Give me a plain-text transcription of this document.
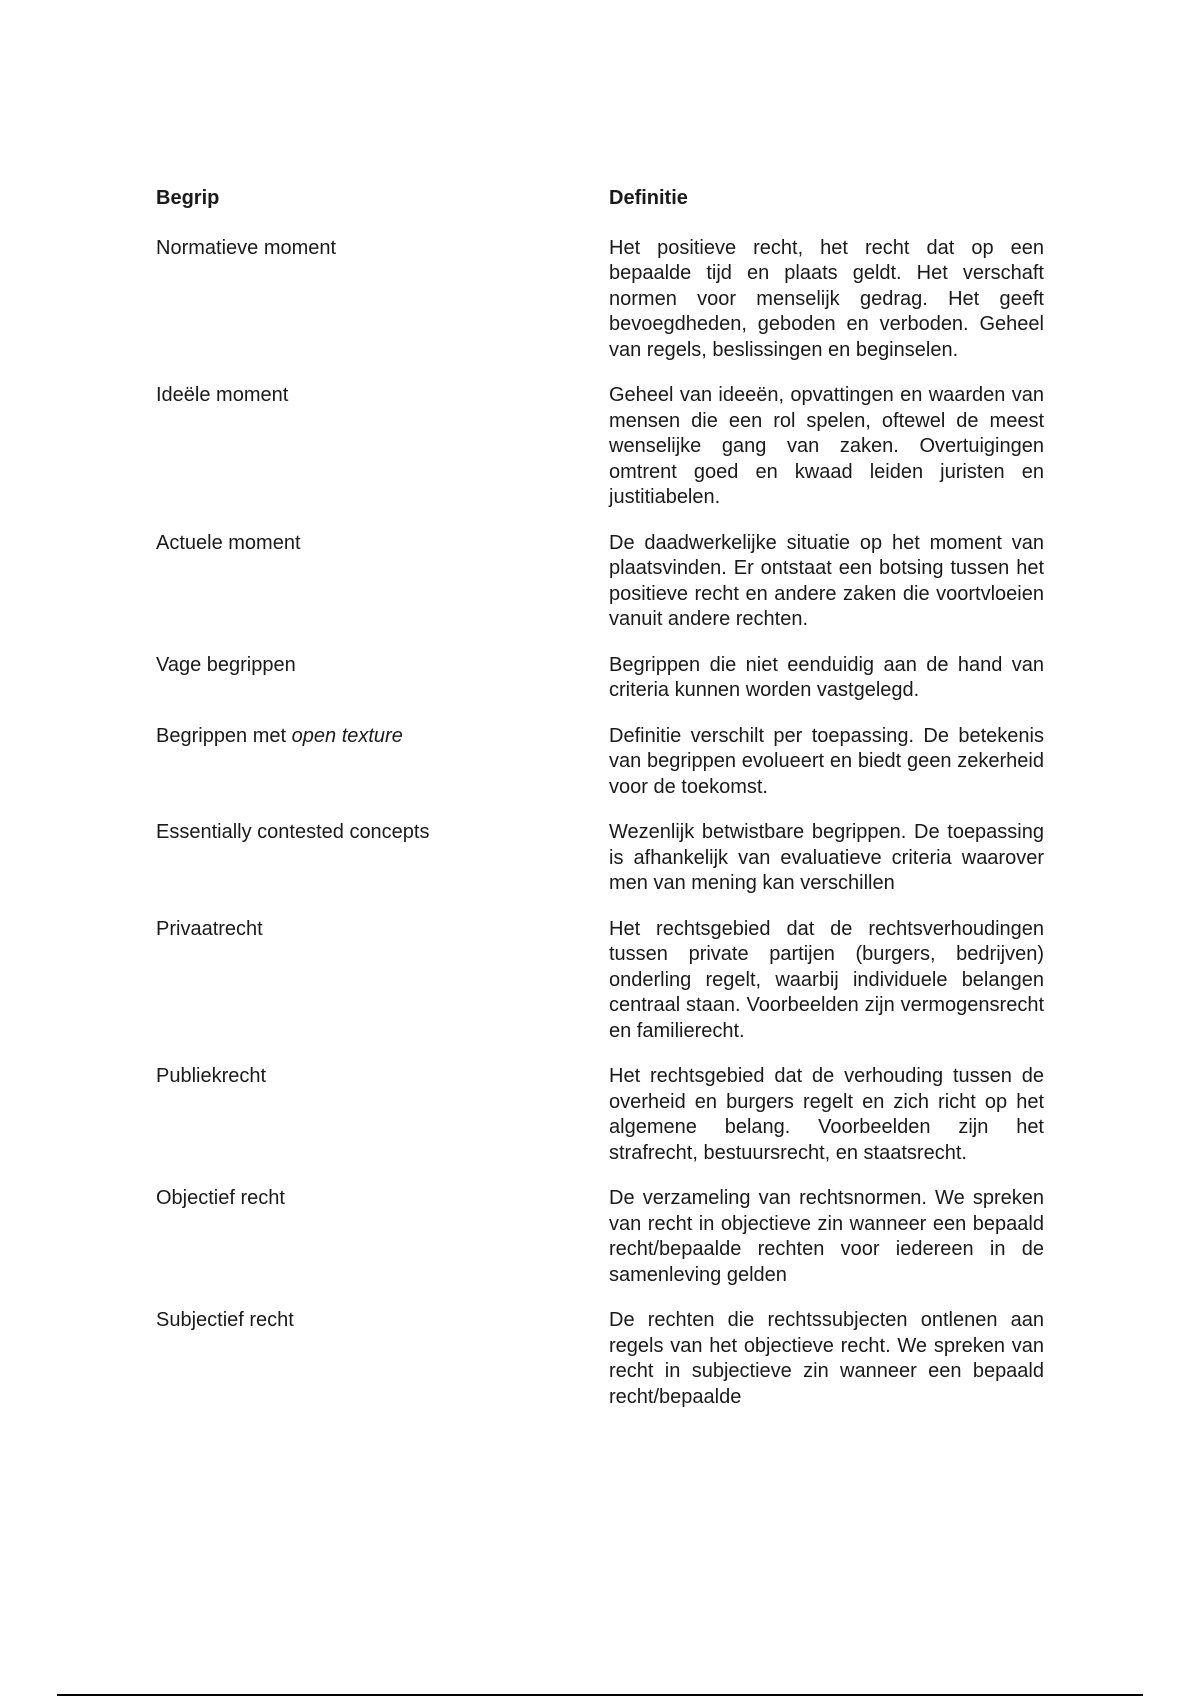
Begrip	Definitie
Normatieve moment	Het positieve recht, het recht dat op een bepaalde tijd en plaats geldt. Het verschaft normen voor menselijk gedrag. Het geeft bevoegdheden, geboden en verboden. Geheel van regels, beslissingen en beginselen.
Ideële moment	Geheel van ideeën, opvattingen en waarden van mensen die een rol spelen, oftewel de meest wenselijke gang van zaken. Overtuigingen omtrent goed en kwaad leiden juristen en justitiabelen.
Actuele moment	De daadwerkelijke situatie op het moment van plaatsvinden. Er ontstaat een botsing tussen het positieve recht en andere zaken die voortvloeien vanuit andere rechten.
Vage begrippen	Begrippen die niet eenduidig aan de hand van criteria kunnen worden vastgelegd.
Begrippen met open texture	Definitie verschilt per toepassing. De betekenis van begrippen evolueert en biedt geen zekerheid voor de toekomst.
Essentially contested concepts	Wezenlijk betwistbare begrippen. De toepassing is afhankelijk van evaluatieve criteria waarover men van mening kan verschillen
Privaatrecht	Het rechtsgebied dat de rechtsverhoudingen tussen private partijen (burgers, bedrijven) onderling regelt, waarbij individuele belangen centraal staan. Voorbeelden zijn vermogensrecht en familierecht.
Publiekrecht	Het rechtsgebied dat de verhouding tussen de overheid en burgers regelt en zich richt op het algemene belang. Voorbeelden zijn het strafrecht, bestuursrecht, en staatsrecht.
Objectief recht	De verzameling van rechtsnormen. We spreken van recht in objectieve zin wanneer een bepaald recht/bepaalde rechten voor iedereen in de samenleving gelden
Subjectief recht	De rechten die rechtssubjecten ontlenen aan regels van het objectieve recht. We spreken van recht in subjectieve zin wanneer een bepaald recht/bepaalde
